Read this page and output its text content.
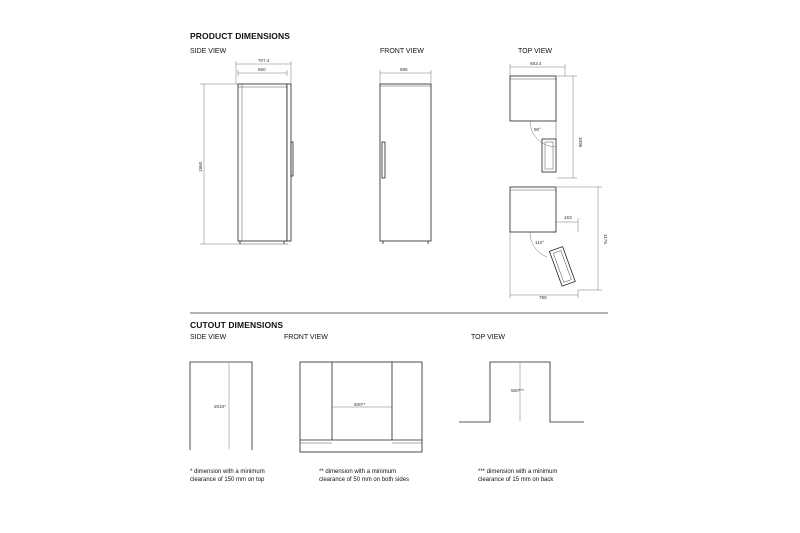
PRODUCT DIMENSIONS
SIDE VIEW	FRONT VIEW	TOP VIEW
CUTOUT DIMENSIONS
SIDE VIEW	FRONT VIEW	TOP VIEW
* dimension with a minimum clearance of 150 mm on top
** dimension with a minimum clearance of 50 mm on both sides
*** dimension with a minimum clearance of 15 mm on back
707.4
650
1860
595
683.4
90°
1096
163
110°	1175
788
2010*	600**
560***
